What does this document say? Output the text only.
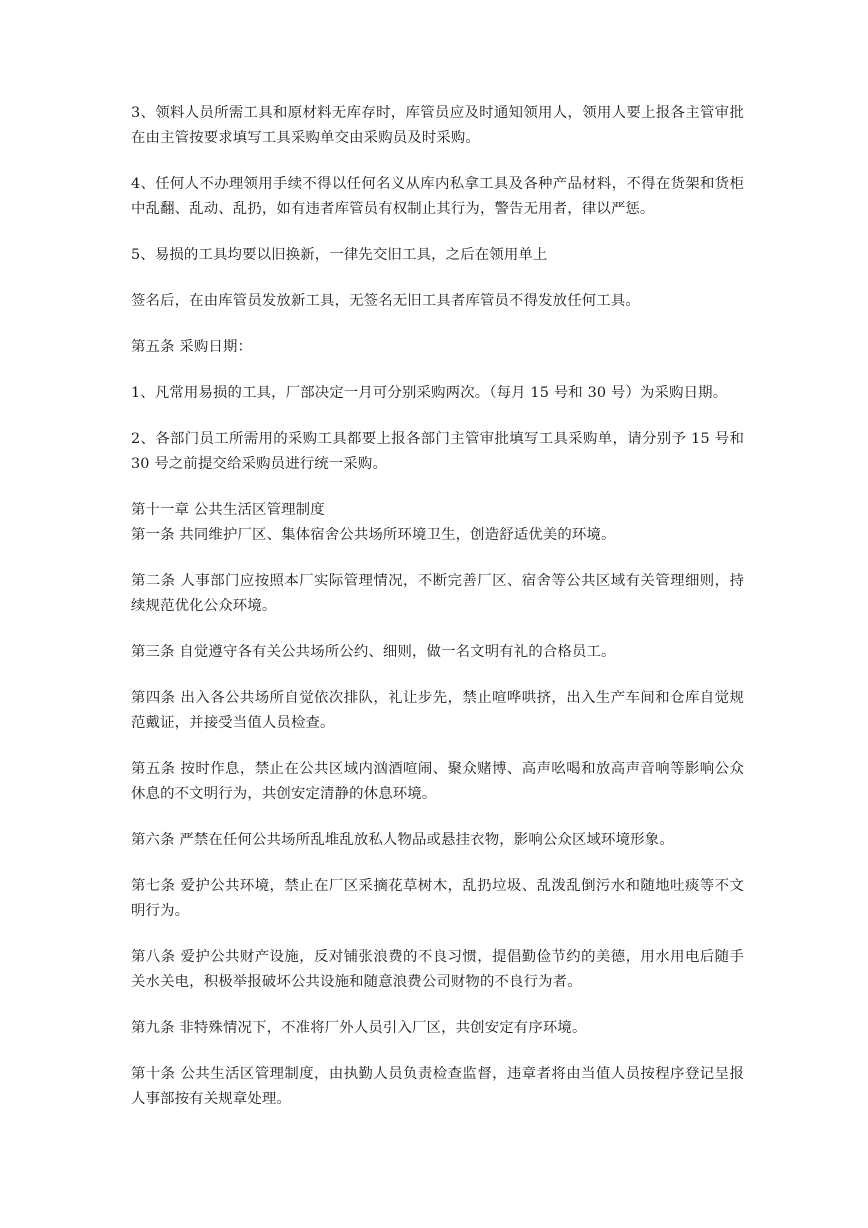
3、领料人员所需工具和原材料无库存时，库管员应及时通知领用人，领用人要上报各主管审批在由主管按要求填写工具采购单交由采购员及时采购。

4、任何人不办理领用手续不得以任何名义从库内私拿工具及各种产品材料，不得在货架和货柜中乱翻、乱动、乱扔，如有违者库管员有权制止其行为，警告无用者，律以严惩。

5、易损的工具均要以旧换新，一律先交旧工具，之后在领用单上

签名后，在由库管员发放新工具，无签名无旧工具者库管员不得发放任何工具。

第五条 采购日期：

1、凡常用易损的工具，厂部决定一月可分别采购两次。（每月 15 号和 30 号）为采购日期。

2、各部门员工所需用的采购工具都要上报各部门主管审批填写工具采购单，请分别予 15 号和 30 号之前提交给采购员进行统一采购。

第十一章 公共生活区管理制度

第一条 共同维护厂区、集体宿舍公共场所环境卫生，创造舒适优美的环境。

第二条 人事部门应按照本厂实际管理情况，不断完善厂区、宿舍等公共区域有关管理细则，持续规范优化公众环境。

第三条 自觉遵守各有关公共场所公约、细则，做一名文明有礼的合格员工。

第四条 出入各公共场所自觉依次排队，礼让步先，禁止喧哗哄挤，出入生产车间和仓库自觉规范戴证，并接受当值人员检查。

第五条 按时作息，禁止在公共区域内汹酒喧闹、聚众赌博、高声吆喝和放高声音响等影响公众休息的不文明行为，共创安定清静的休息环境。

第六条 严禁在任何公共场所乱堆乱放私人物品或悬挂衣物，影响公众区域环境形象。

第七条 爱护公共环境，禁止在厂区采摘花草树木，乱扔垃圾、乱泼乱倒污水和随地吐痰等不文明行为。

第八条 爱护公共财产设施，反对铺张浪费的不良习惯，提倡勤俭节约的美德，用水用电后随手关水关电，积极举报破坏公共设施和随意浪费公司财物的不良行为者。

第九条 非特殊情况下，不准将厂外人员引入厂区，共创安定有序环境。

第十条 公共生活区管理制度，由执勤人员负责检查监督，违章者将由当值人员按程序登记呈报人事部按有关规章处理。
